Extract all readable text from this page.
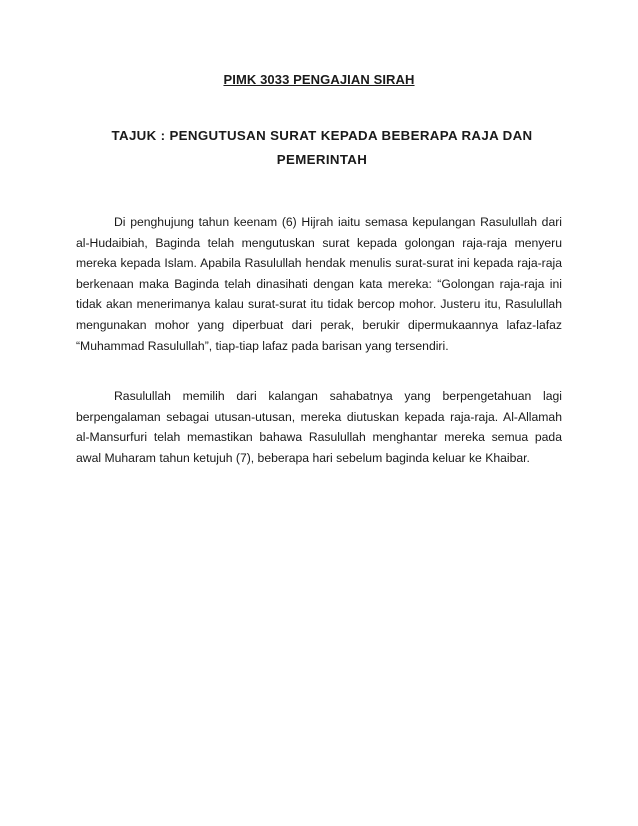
PIMK 3033 PENGAJIAN SIRAH
TAJUK : PENGUTUSAN SURAT KEPADA BEBERAPA RAJA DAN
PEMERINTAH

Di penghujung tahun keenam (6) Hijrah iaitu semasa kepulangan Rasulullah dari al-Hudaibiah, Baginda telah mengutuskan surat kepada golongan raja-raja menyeru mereka kepada Islam. Apabila Rasulullah hendak menulis surat-surat ini kepada raja-raja berkenaan maka Baginda telah dinasihati dengan kata mereka: “Golongan raja-raja ini tidak akan menerimanya kalau surat-surat itu tidak bercop mohor. Justeru itu, Rasulullah mengunakan mohor yang diperbuat dari perak, berukir dipermukaannya lafaz-lafaz “Muhammad Rasulullah”, tiap-tiap lafaz pada barisan yang tersendiri.

Rasulullah memilih dari kalangan sahabatnya yang berpengetahuan lagi berpengalaman sebagai utusan-utusan, mereka diutuskan kepada raja-raja. Al-Allamah al-Mansurfuri telah memastikan bahawa Rasulullah menghantar mereka semua pada awal Muharam tahun ketujuh (7), beberapa hari sebelum baginda keluar ke Khaibar.
